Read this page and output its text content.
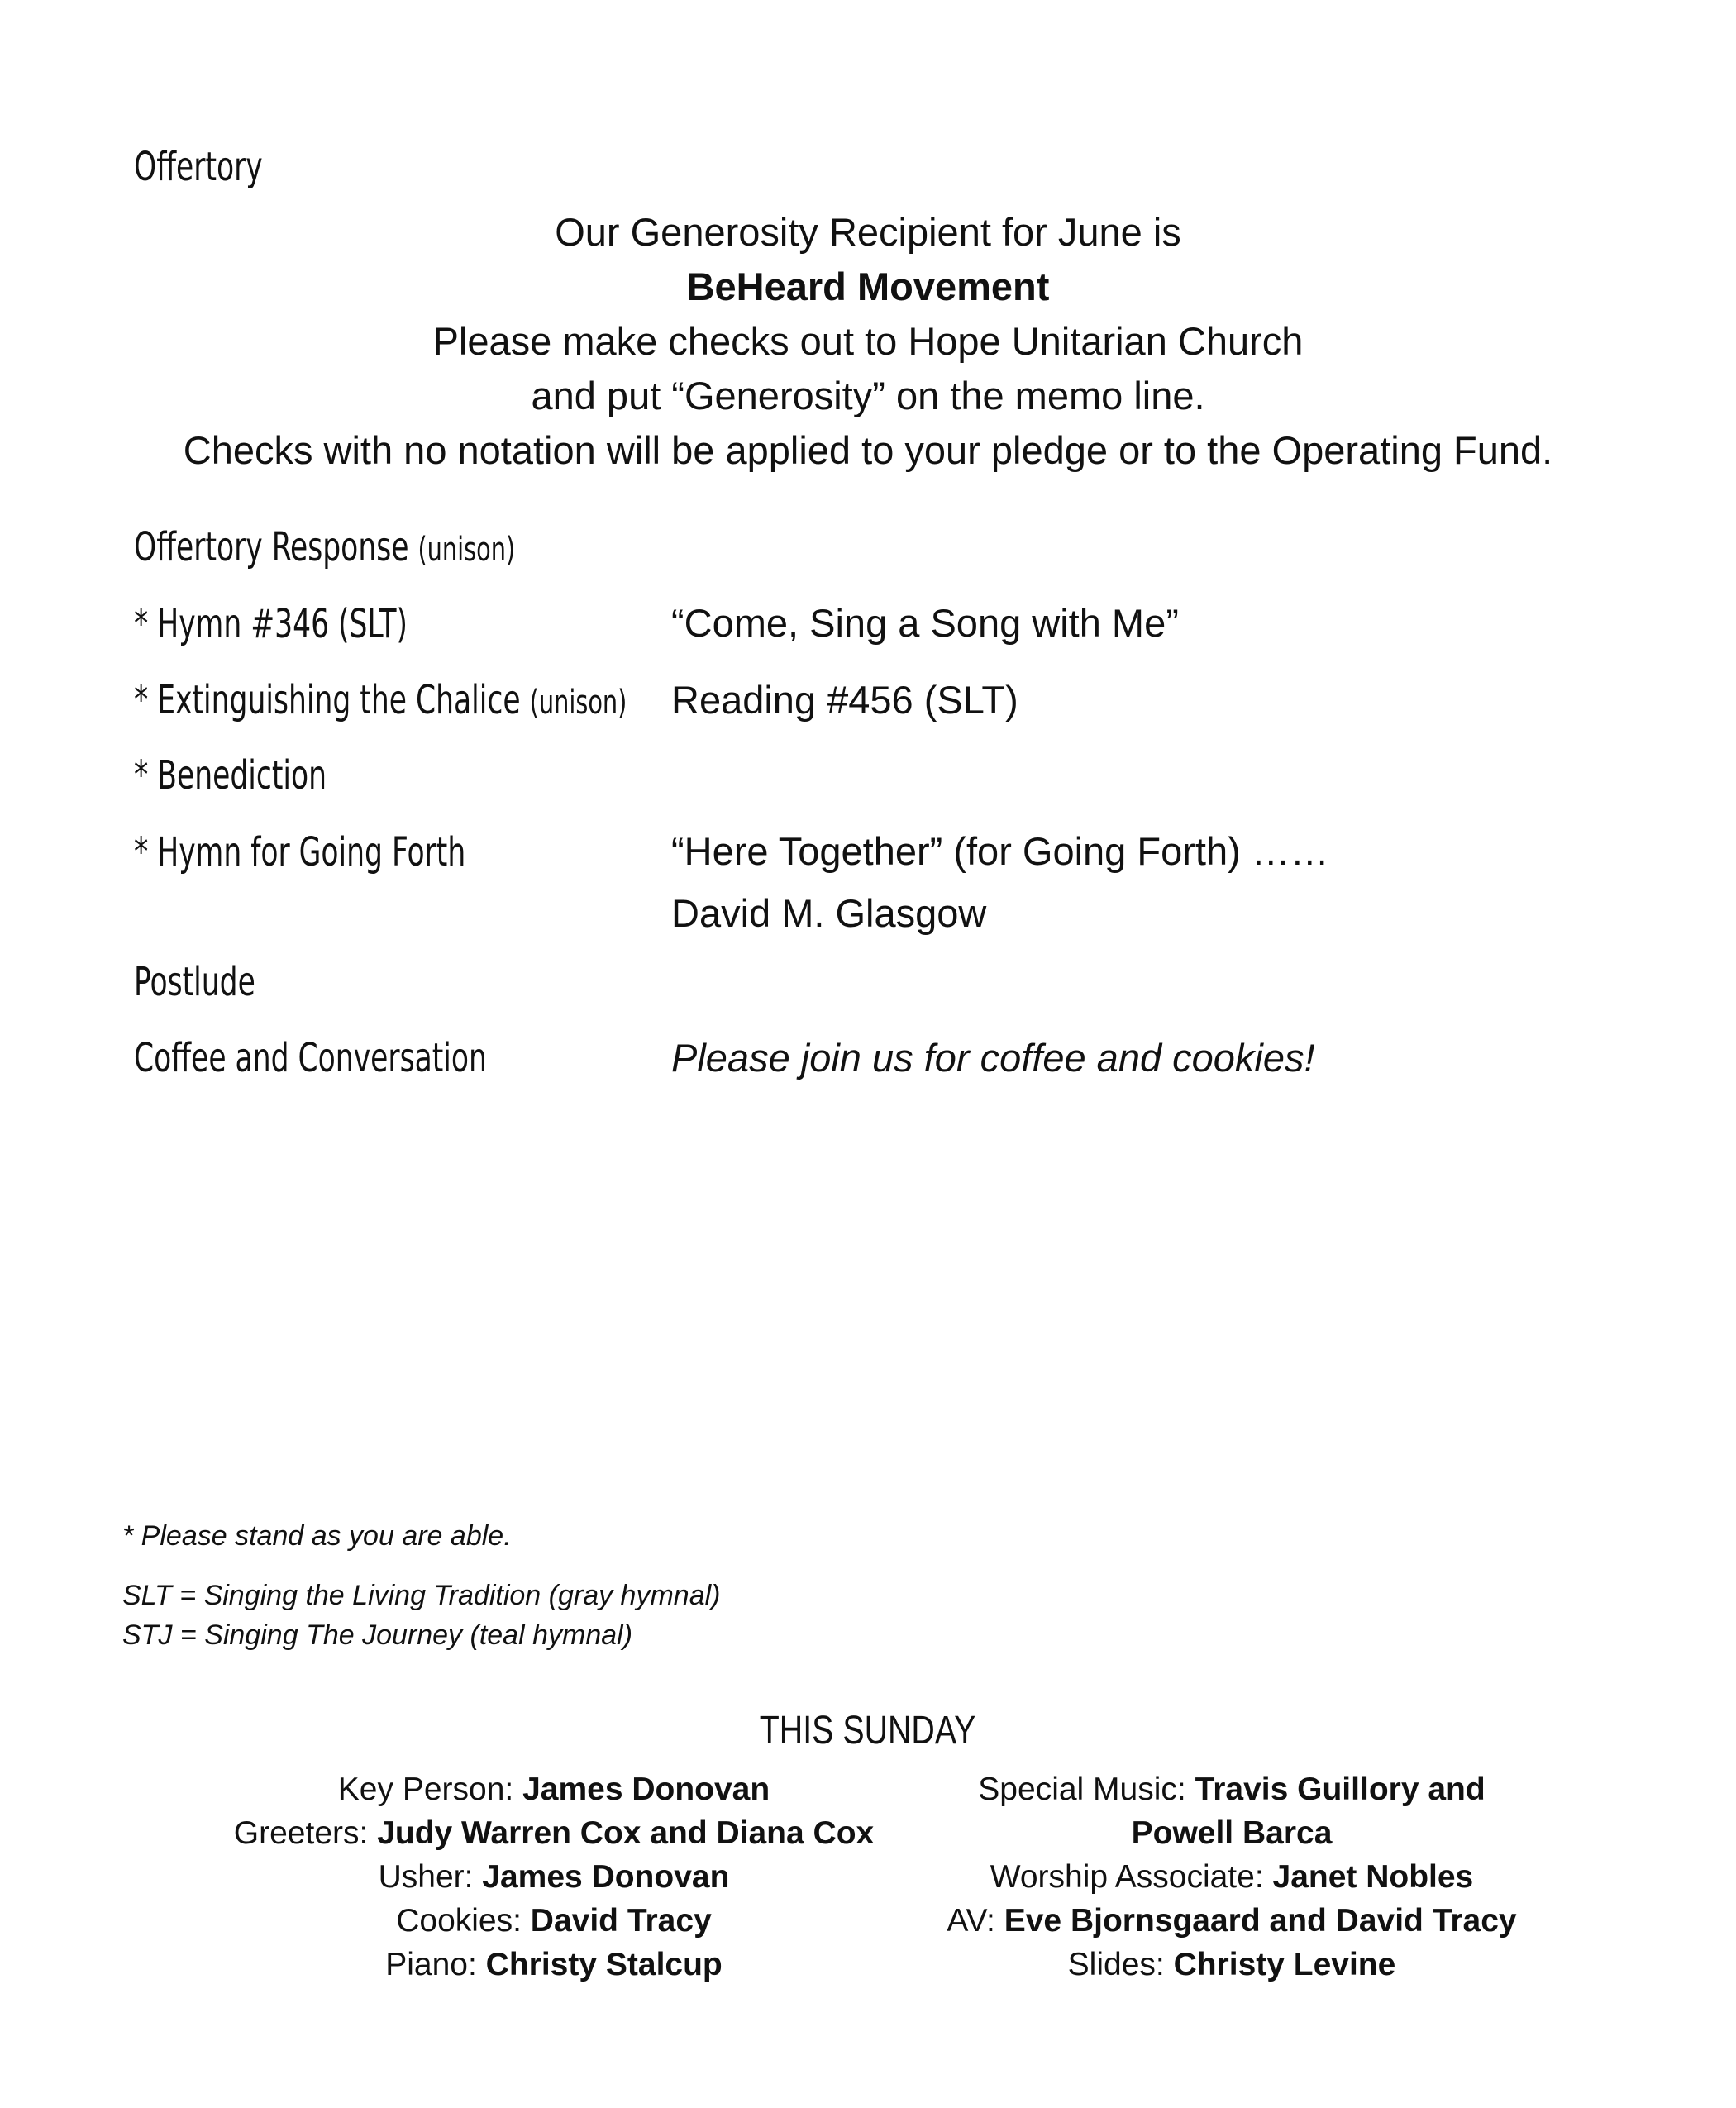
Offertory
Our Generosity Recipient for June is
BeHeard Movement
Please make checks out to Hope Unitarian Church
and put “Generosity” on the memo line.
Checks with no notation will be applied to your pledge or to the Operating Fund.
Offertory Response (unison)
* Hymn #346 (SLT)	“Come, Sing a Song with Me”
* Extinguishing the Chalice (unison)	Reading #456 (SLT)
* Benediction
* Hymn for Going Forth	“Here Together” (for Going Forth) ……
David M. Glasgow
Postlude
Coffee and Conversation	Please join us for coffee and cookies!
* Please stand as you are able.
SLT = Singing the Living Tradition (gray hymnal)
STJ = Singing The Journey (teal hymnal)
THIS SUNDAY
Key Person: James Donovan
Greeters: Judy Warren Cox and Diana Cox
Usher: James Donovan
Cookies: David Tracy
Piano: Christy Stalcup
Special Music: Travis Guillory and
Powell Barca
Worship Associate: Janet Nobles
AV: Eve Bjornsgaard and David Tracy
Slides: Christy Levine
